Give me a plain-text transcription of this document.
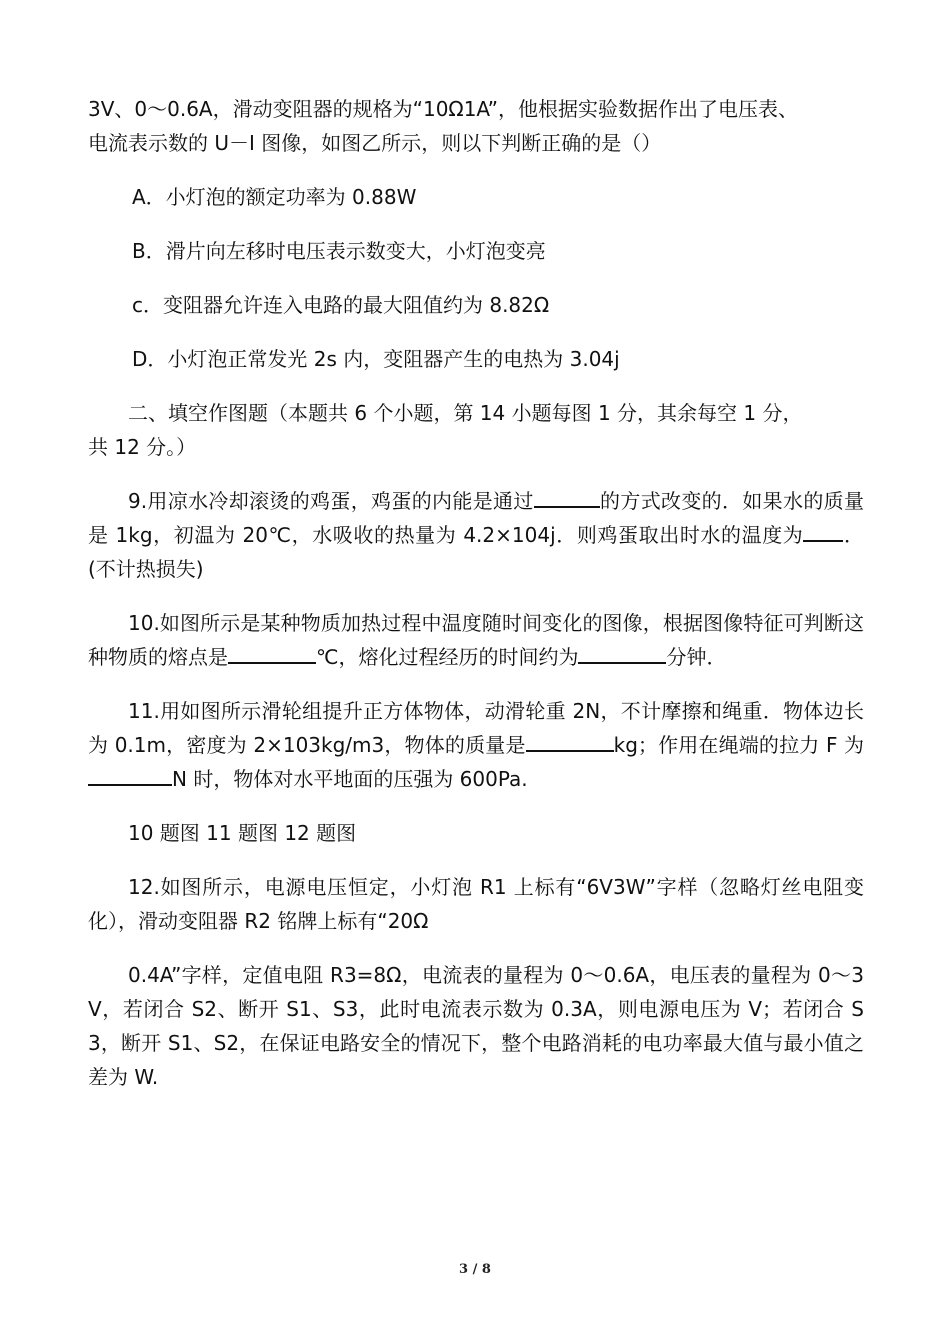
3V、0～0.6A，滑动变阻器的规格为“10Ω1A”，他根据实验数据作出了电压表、
电流表示数的 U－I 图像，如图乙所示，则以下判断正确的是（）

A．小灯泡的额定功率为 0.88W

B．滑片向左移时电压表示数变大，小灯泡变亮

c．变阻器允许连入电路的最大阻值约为 8.82Ω

D．小灯泡正常发光 2s 内，变阻器产生的电热为 3.04j

二、填空作图题（本题共 6 个小题，第 14 小题每图 1 分，其余每空 1 分，
共 12 分。）

9.用凉水冷却滚烫的鸡蛋，鸡蛋的内能是通过	的方式改变的．如果水的质量是 1kg，初温为 20℃，水吸收的热量为 4.2×104j．则鸡蛋取出时水的温度为 ．(不计热损失)

10.如图所示是某种物质加热过程中温度随时间变化的图像，根据图像特征可判断这种物质的熔点是	℃，熔化过程经历的时间约为	分钟．

11.用如图所示滑轮组提升正方体物体，动滑轮重 2N，不计摩擦和绳重．物体边长为 0.1m，密度为 2×103kg/m3，物体的质量是	kg；作用在绳端的拉力 F 为N 时，物体对水平地面的压强为 600Pa.

10 题图 11 题图 12 题图

12.如图所示，电源电压恒定，小灯泡 R1 上标有“6V3W”字样（忽略灯丝电阻变化），滑动变阻器 R2 铭牌上标有“20Ω

0.4A”字样，定值电阻 R3=8Ω，电流表的量程为 0～0.6A，电压表的量程为 0～3V，若闭合 S2、断开 S1、S3，此时电流表示数为 0.3A，则电源电压为 V；若闭合 S3，断开 S1、S2，在保证电路安全的情况下，整个电路消耗的电功率最大值与最小值之差为 W.

3 / 8
